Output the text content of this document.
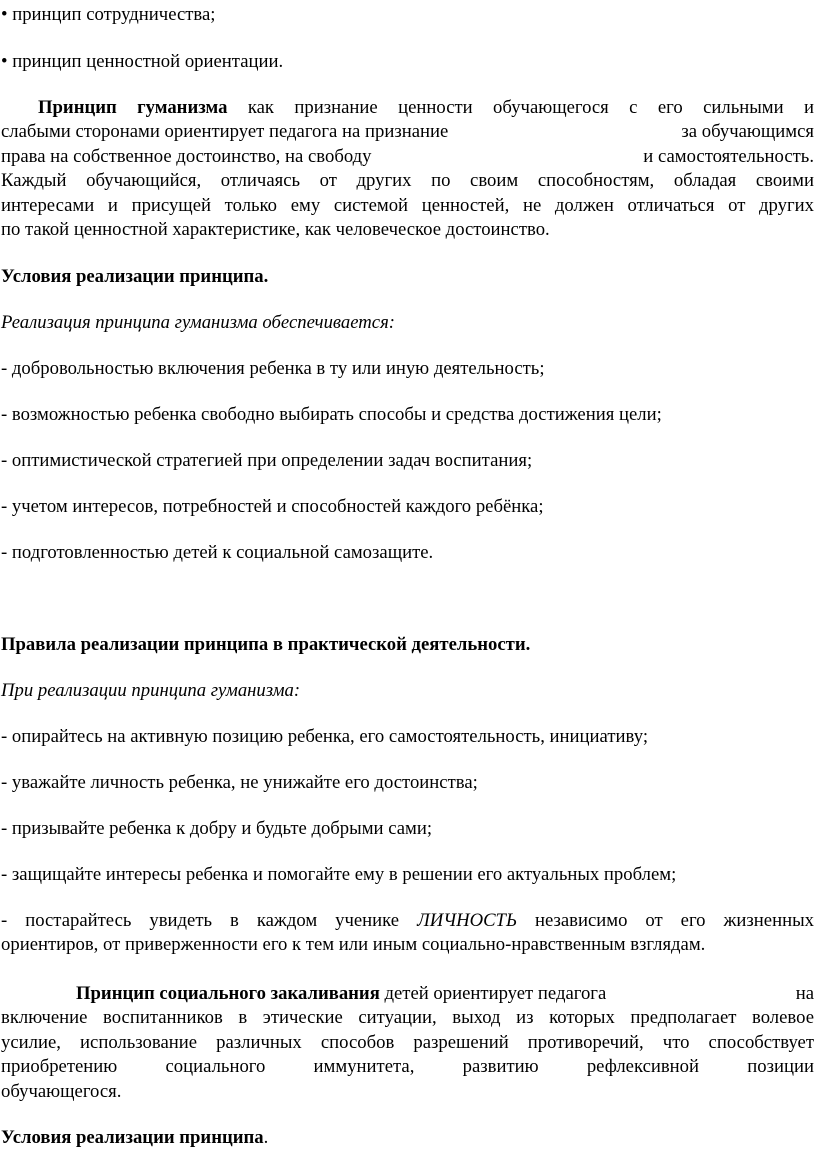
• принцип сотрудничества;
• принцип ценностной ориентации.
Принцип гуманизма как признание ценности обучающегося с его сильными и
слабыми сторонами ориентирует педагога на признание	за обучающимся
права на собственное достоинство, на свободу	и самостоятельность.
Каждый обучающийся, отличаясь от других по своим способностям, обладая своими
интересами и присущей только ему системой ценностей, не должен отличаться от других
по такой ценностной характеристике, как человеческое достоинство.
Условия реализации принципа.
Реализация принципа гуманизма обеспечивается:
- добровольностью включения ребенка в ту или иную деятельность;
- возможностью ребенка свободно выбирать способы и средства достижения цели;
- оптимистической стратегией при определении задач воспитания;
- учетом интересов, потребностей и способностей каждого ребёнка;
- подготовленностью детей к социальной самозащите.
Правила реализации принципа в практической деятельности.
При реализации принципа гуманизма:
- опирайтесь на активную позицию ребенка, его самостоятельность, инициативу;
- уважайте личность ребенка, не унижайте его достоинства;
- призывайте ребенка к добру и будьте добрыми сами;
- защищайте интересы ребенка и помогайте ему в решении его актуальных проблем;
- постарайтесь увидеть в каждом ученике ЛИЧНОСТЬ независимо от его жизненных
ориентиров, от приверженности его к тем или иным социально-нравственным взглядам.
Принцип социального закаливания детей ориентирует педагога	на
включение воспитанников в этические ситуации, выход из которых предполагает волевое
усилие, использование различных способов разрешений противоречий, что способствует
приобретению социального иммунитета, развитию рефлексивной позиции
обучающегося.
Условия реализации принципа.
